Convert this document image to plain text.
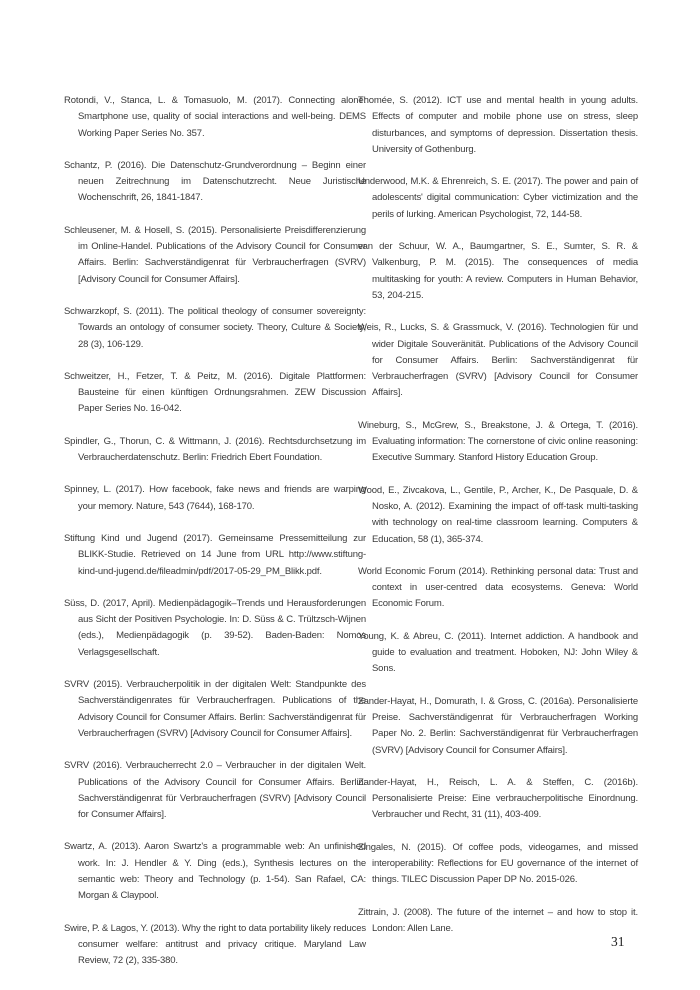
Rotondi, V., Stanca, L. & Tomasuolo, M. (2017). Connecting alone: Smartphone use, quality of social interactions and well-being. DEMS Working Paper Series No. 357.

Schantz, P. (2016). Die Datenschutz-Grundverordnung – Beginn einer neuen Zeitrechnung im Datenschutzrecht. Neue Juristische Wochenschrift, 26, 1841-1847.

Schleusener, M. & Hosell, S. (2015). Personalisierte Preisdifferenzierung im Online-Handel. Publications of the Advisory Council for Consumer Affairs. Berlin: Sachverständigenrat für Verbraucherfragen (SVRV) [Advisory Council for Consumer Affairs].

Schwarzkopf, S. (2011). The political theology of consumer sovereignty: Towards an ontology of consumer society. Theory, Culture & Society, 28 (3), 106-129.

Schweitzer, H., Fetzer, T. & Peitz, M. (2016). Digitale Plattformen: Bausteine für einen künftigen Ordnungsrahmen. ZEW Discussion Paper Series No. 16-042.

Spindler, G., Thorun, C. & Wittmann, J. (2016). Rechtsdurchsetzung im Verbraucherdatenschutz. Berlin: Friedrich Ebert Foundation.

Spinney, L. (2017). How facebook, fake news and friends are warping your memory. Nature, 543 (7644), 168-170.

Stiftung Kind und Jugend (2017). Gemeinsame Pressemitteilung zur BLIKK-Studie. Retrieved on 14 June from URL http://www.stiftung-kind-und-jugend.de/fileadmin/pdf/2017-05-29_PM_Blikk.pdf.

Süss, D. (2017, April). Medienpädagogik–Trends und Herausforderungen aus Sicht der Positiven Psychologie. In: D. Süss & C. Trültzsch-Wijnen (eds.), Medienpädagogik (p. 39-52). Baden-Baden: Nomos Verlagsgesellschaft.

SVRV (2015). Verbraucherpolitik in der digitalen Welt: Standpunkte des Sachverständigenrates für Verbraucherfragen. Publications of the Advisory Council for Consumer Affairs. Berlin: Sachverständigenrat für Verbraucherfragen (SVRV) [Advisory Council for Consumer Affairs].

SVRV (2016). Verbraucherrecht 2.0 – Verbraucher in der digitalen Welt. Publications of the Advisory Council for Consumer Affairs. Berlin: Sachverständigenrat für Verbraucherfragen (SVRV) [Advisory Council for Consumer Affairs].

Swartz, A. (2013). Aaron Swartz's a programmable web: An unfinished work. In: J. Hendler & Y. Ding (eds.), Synthesis lectures on the semantic web: Theory and Technology (p. 1-54). San Rafael, CA: Morgan & Claypool.

Swire, P. & Lagos, Y. (2013). Why the right to data portability likely reduces consumer welfare: antitrust and privacy critique. Maryland Law Review, 72 (2), 335-380.

Thomée, S. (2012). ICT use and mental health in young adults. Effects of computer and mobile phone use on stress, sleep disturbances, and symptoms of depression. Dissertation thesis. University of Gothenburg.

Underwood, M.K. & Ehrenreich, S. E. (2017). The power and pain of adolescents' digital communication: Cyber victimization and the perils of lurking. American Psychologist, 72, 144-58.

van der Schuur, W. A., Baumgartner, S. E., Sumter, S. R. & Valkenburg, P. M. (2015). The consequences of media multitasking for youth: A review. Computers in Human Behavior, 53, 204-215.

Weis, R., Lucks, S. & Grassmuck, V. (2016). Technologien für und wider Digitale Souveränität. Publications of the Advisory Council for Consumer Affairs. Berlin: Sachverständigenrat für Verbraucherfragen (SVRV) [Advisory Council for Consumer Affairs].

Wineburg, S., McGrew, S., Breakstone, J. & Ortega, T. (2016). Evaluating information: The cornerstone of civic online reasoning: Executive Summary. Stanford History Education Group.

Wood, E., Zivcakova, L., Gentile, P., Archer, K., De Pasquale, D. & Nosko, A. (2012). Examining the impact of off-task multi-tasking with technology on real-time classroom learning. Computers & Education, 58 (1), 365-374.

World Economic Forum (2014). Rethinking personal data: Trust and context in user-centred data ecosystems. Geneva: World Economic Forum.

Young, K. & Abreu, C. (2011). Internet addiction. A handbook and guide to evaluation and treatment. Hoboken, NJ: John Wiley & Sons.

Zander-Hayat, H., Domurath, I. & Gross, C. (2016a). Personalisierte Preise. Sachverständigenrat für Verbraucherfragen Working Paper No. 2. Berlin: Sachverständigenrat für Verbraucherfragen (SVRV) [Advisory Council for Consumer Affairs].

Zander-Hayat, H., Reisch, L. A. & Steffen, C. (2016b). Personalisierte Preise: Eine verbraucherpolitische Einordnung. Verbraucher und Recht, 31 (11), 403-409.

Zingales, N. (2015). Of coffee pods, videogames, and missed interoperability: Reflections for EU governance of the internet of things. TILEC Discussion Paper DP No. 2015-026.

Zittrain, J. (2008). The future of the internet – and how to stop it. London: Allen Lane.

31
